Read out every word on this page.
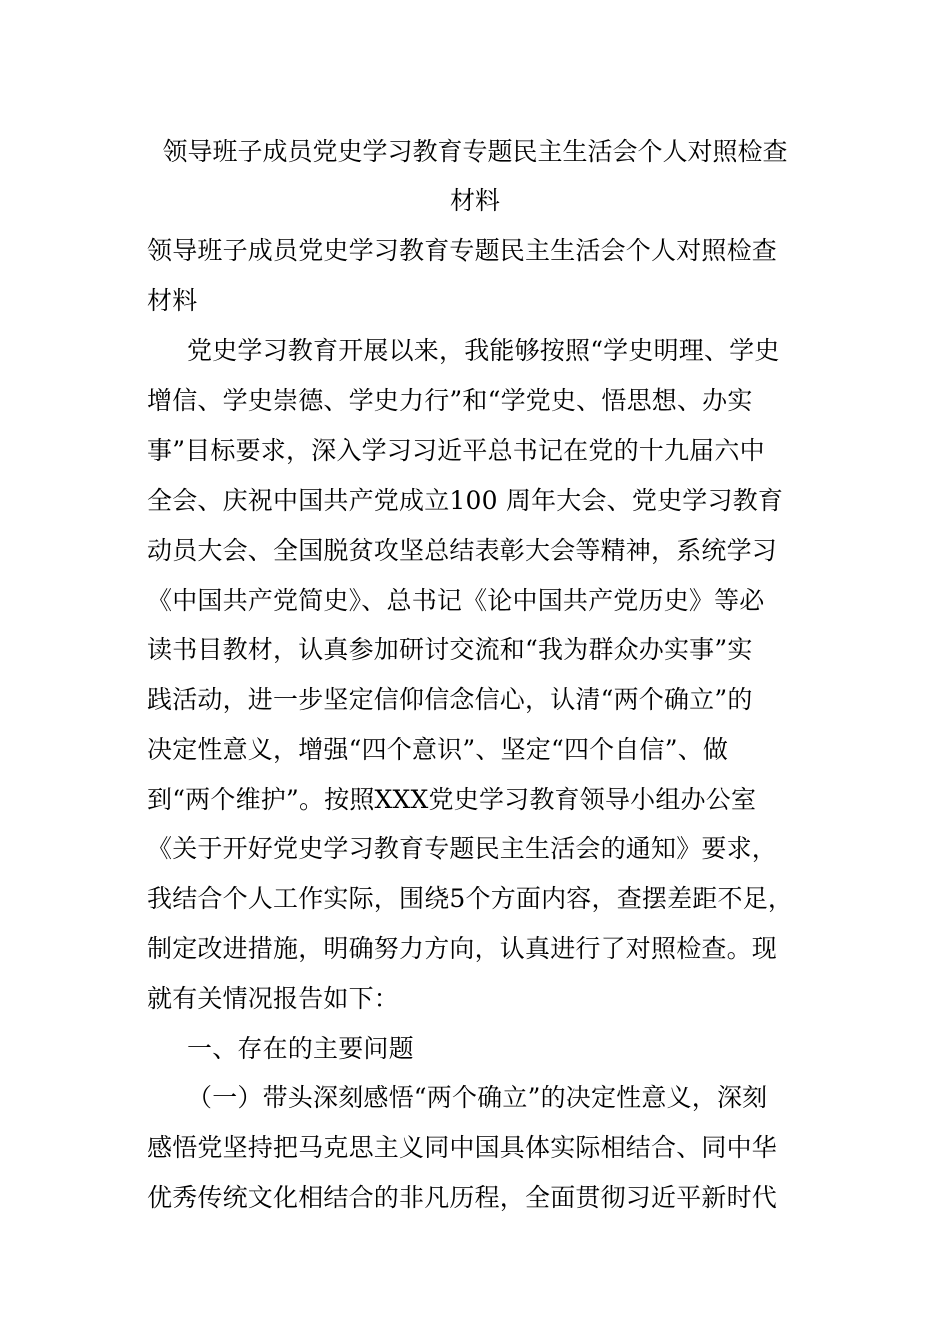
领导班子成员党史学习教育专题民主生活会个人对照检查
材料
领导班子成员党史学习教育专题民主生活会个人对照检查
材料
党史学习教育开展以来，我能够按照“学史明理、学史
增信、学史崇德、学史力行”和“学党史、悟思想、办实
事”目标要求，深入学习习近平总书记在党的十九届六中
全会、庆祝中国共产党成立100 周年大会、党史学习教育
动员大会、全国脱贫攻坚总结表彰大会等精神，系统学习
《中国共产党简史》、总书记《论中国共产党历史》等必
读书目教材，认真参加研讨交流和“我为群众办实事”实
践活动，进一步坚定信仰信念信心，认清“两个确立”的
决定性意义，增强“四个意识”、坚定“四个自信”、做
到“两个维护”。按照XXX党史学习教育领导小组办公室
《关于开好党史学习教育专题民主生活会的通知》要求，
我结合个人工作实际，围绕5个方面内容，查摆差距不足，
制定改进措施，明确努力方向，认真进行了对照检查。现
就有关情况报告如下：
一、存在的主要问题
（一）带头深刻感悟“两个确立”的决定性意义，深刻
感悟党坚持把马克思主义同中国具体实际相结合、同中华
优秀传统文化相结合的非凡历程，全面贯彻习近平新时代
